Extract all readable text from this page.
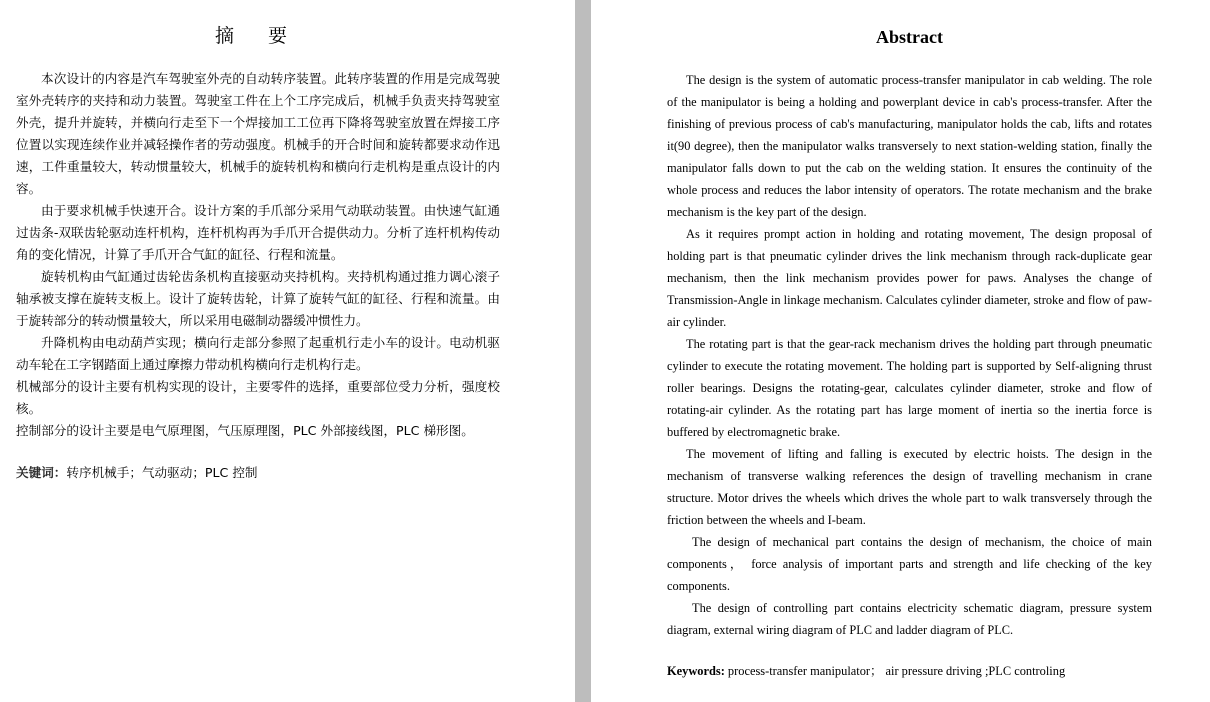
摘 要

本次设计的内容是汽车驾驶室外壳的自动转序装置。此转序装置的作用是完成驾驶室外壳转序的夹持和动力装置。驾驶室工件在上个工序完成后，机械手负责夹持驾驶室外壳，提升并旋转，并横向行走至下一个焊接加工工位再下降将驾驶室放置在焊接工序位置以实现连续作业并减轻操作者的劳动强度。机械手的开合时间和旋转都要求动作迅速，工件重量较大，转动惯量较大，机械手的旋转机构和横向行走机构是重点设计的内容。

由于要求机械手快速开合。设计方案的手爪部分采用气动联动装置。由快速气缸通过齿条-双联齿轮驱动连杆机构，连杆机构再为手爪开合提供动力。分析了连杆机构传动角的变化情况，计算了手爪开合气缸的缸径、行程和流量。

旋转机构由气缸通过齿轮齿条机构直接驱动夹持机构。夹持机构通过推力调心滚子轴承被支撑在旋转支板上。设计了旋转齿轮，计算了旋转气缸的缸径、行程和流量。由于旋转部分的转动惯量较大，所以采用电磁制动器缓冲惯性力。

升降机构由电动葫芦实现；横向行走部分参照了起重机行走小车的设计。电动机驱动车轮在工字钢踏面上通过摩擦力带动机构横向行走机构行走。

机械部分的设计主要有机构实现的设计，主要零件的选择，重要部位受力分析，强度校核。

控制部分的设计主要是电气原理图，气压原理图，PLC 外部接线图，PLC 梯形图。

关键词：转序机械手；气动驱动；PLC 控制
Abstract

The design is the system of automatic process-transfer manipulator in cab welding. The role of the manipulator is being a holding and powerplant device in cab's process-transfer. After the finishing of previous process of cab's manufacturing, manipulator holds the cab, lifts and rotates it(90 degree), then the manipulator walks transversely to next station-welding station, finally the manipulator falls down to put the cab on the welding station. It ensures the continuity of the whole process and reduces the labor intensity of operators. The rotate mechanism and the brake mechanism is the key part of the design.

As it requires prompt action in holding and rotating movement, The design proposal of holding part is that pneumatic cylinder drives the link mechanism through rack-duplicate gear mechanism, then the link mechanism provides power for paws. Analyses the change of Transmission-Angle in linkage mechanism. Calculates cylinder diameter, stroke and flow of paw-air cylinder.

The rotating part is that the gear-rack mechanism drives the holding part through pneumatic cylinder to execute the rotating movement. The holding part is supported by Self-aligning thrust roller bearings. Designs the rotating-gear, calculates cylinder diameter, stroke and flow of rotating-air cylinder. As the rotating part has large moment of inertia so the inertia force is buffered by electromagnetic brake.

The movement of lifting and falling is executed by electric hoists. The design in the mechanism of transverse walking references the design of travelling mechanism in crane structure. Motor drives the wheels which drives the whole part to walk transversely through the friction between the wheels and I-beam.

The design of mechanical part contains the design of mechanism, the choice of main components， force analysis of important parts and strength and life checking of the key components.

The design of controlling part contains electricity schematic diagram, pressure system diagram, external wiring diagram of PLC and ladder diagram of PLC.

Keywords: process-transfer manipulator； air pressure driving ;PLC controling
